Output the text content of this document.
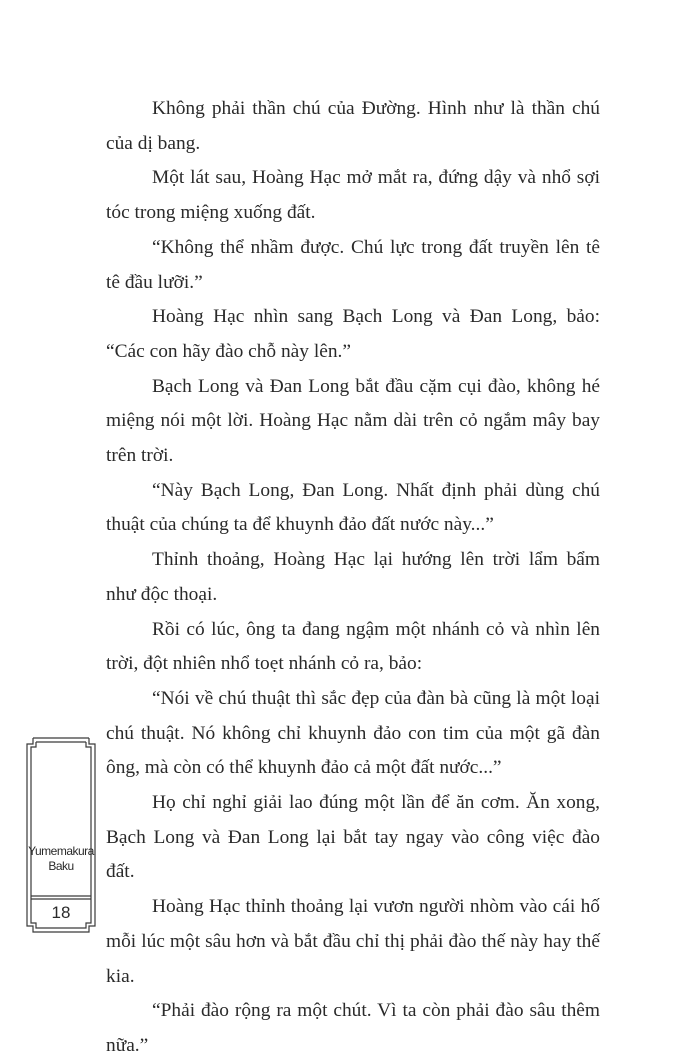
Không phải thần chú của Đường. Hình như là thần chú của dị bang.

Một lát sau, Hoàng Hạc mở mắt ra, đứng dậy và nhổ sợi tóc trong miệng xuống đất.

“Không thể nhầm được. Chú lực trong đất truyền lên tê tê đầu lưỡi.”

Hoàng Hạc nhìn sang Bạch Long và Đan Long, bảo: “Các con hãy đào chỗ này lên.”

Bạch Long và Đan Long bắt đầu cặm cụi đào, không hé miệng nói một lời. Hoàng Hạc nằm dài trên cỏ ngắm mây bay trên trời.

“Này Bạch Long, Đan Long. Nhất định phải dùng chú thuật của chúng ta để khuynh đảo đất nước này...”

Thỉnh thoảng, Hoàng Hạc lại hướng lên trời lẩm bẩm như độc thoại.

Rồi có lúc, ông ta đang ngậm một nhánh cỏ và nhìn lên trời, đột nhiên nhổ toẹt nhánh cỏ ra, bảo:

“Nói về chú thuật thì sắc đẹp của đàn bà cũng là một loại chú thuật. Nó không chỉ khuynh đảo con tim của một gã đàn ông, mà còn có thể khuynh đảo cả một đất nước...”

Họ chỉ nghỉ giải lao đúng một lần để ăn cơm. Ăn xong, Bạch Long và Đan Long lại bắt tay ngay vào công việc đào đất.

Hoàng Hạc thỉnh thoảng lại vươn người nhòm vào cái hố mỗi lúc một sâu hơn và bắt đầu chỉ thị phải đào thế này hay thế kia.

“Phải đào rộng ra một chút. Vì ta còn phải đào sâu thêm nữa.”

Yumemakura
Baku
18
